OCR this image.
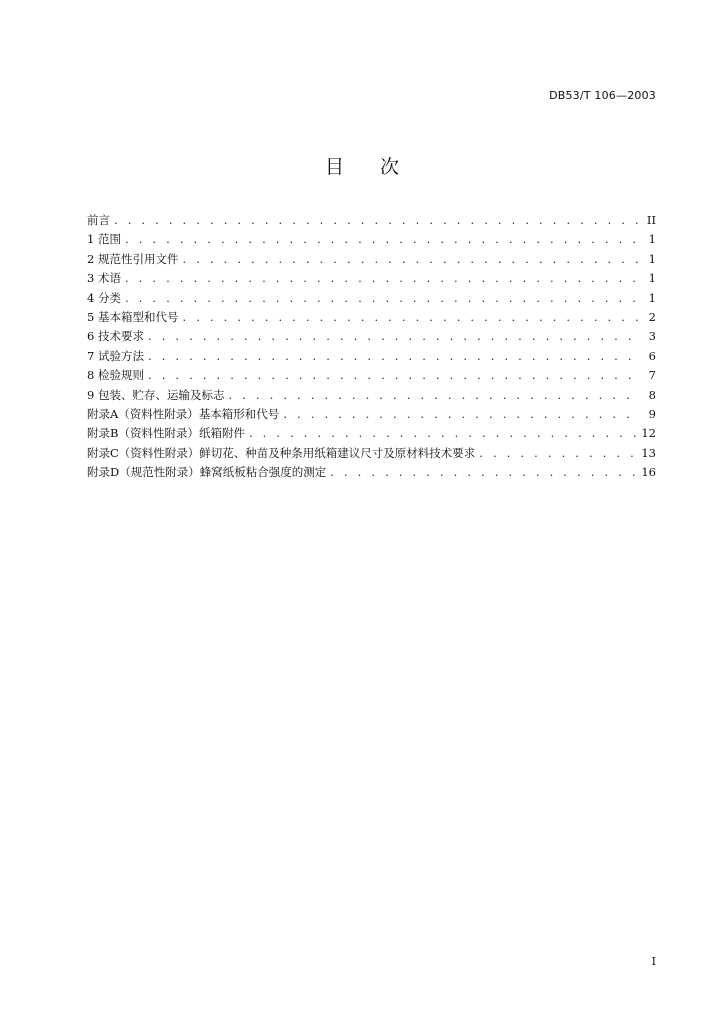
DB53/T 106—2003
目次
前言 . . .	II
1 范围 . . .	1
2 规范性引用文件 . . .	1
3 术语 . . .	1
4 分类 . . .	1
5 基本箱型和代号 . . .	2
6 技术要求 . . .	3
7 试验方法 . . .	6
8 检验规则 . . .	7
9 包装、贮存、运输及标志 . . .	8
附录A（资料性附录）基本箱形和代号 . . .	9
附录B（资料性附录）纸箱附件 . . .	12
附录C（资料性附录）鲜切花、种苗及种条用纸箱建议尺寸及原材料技术要求 . . .	13
附录D（规范性附录）蜂窝纸板粘合强度的测定 . . .	16
I
